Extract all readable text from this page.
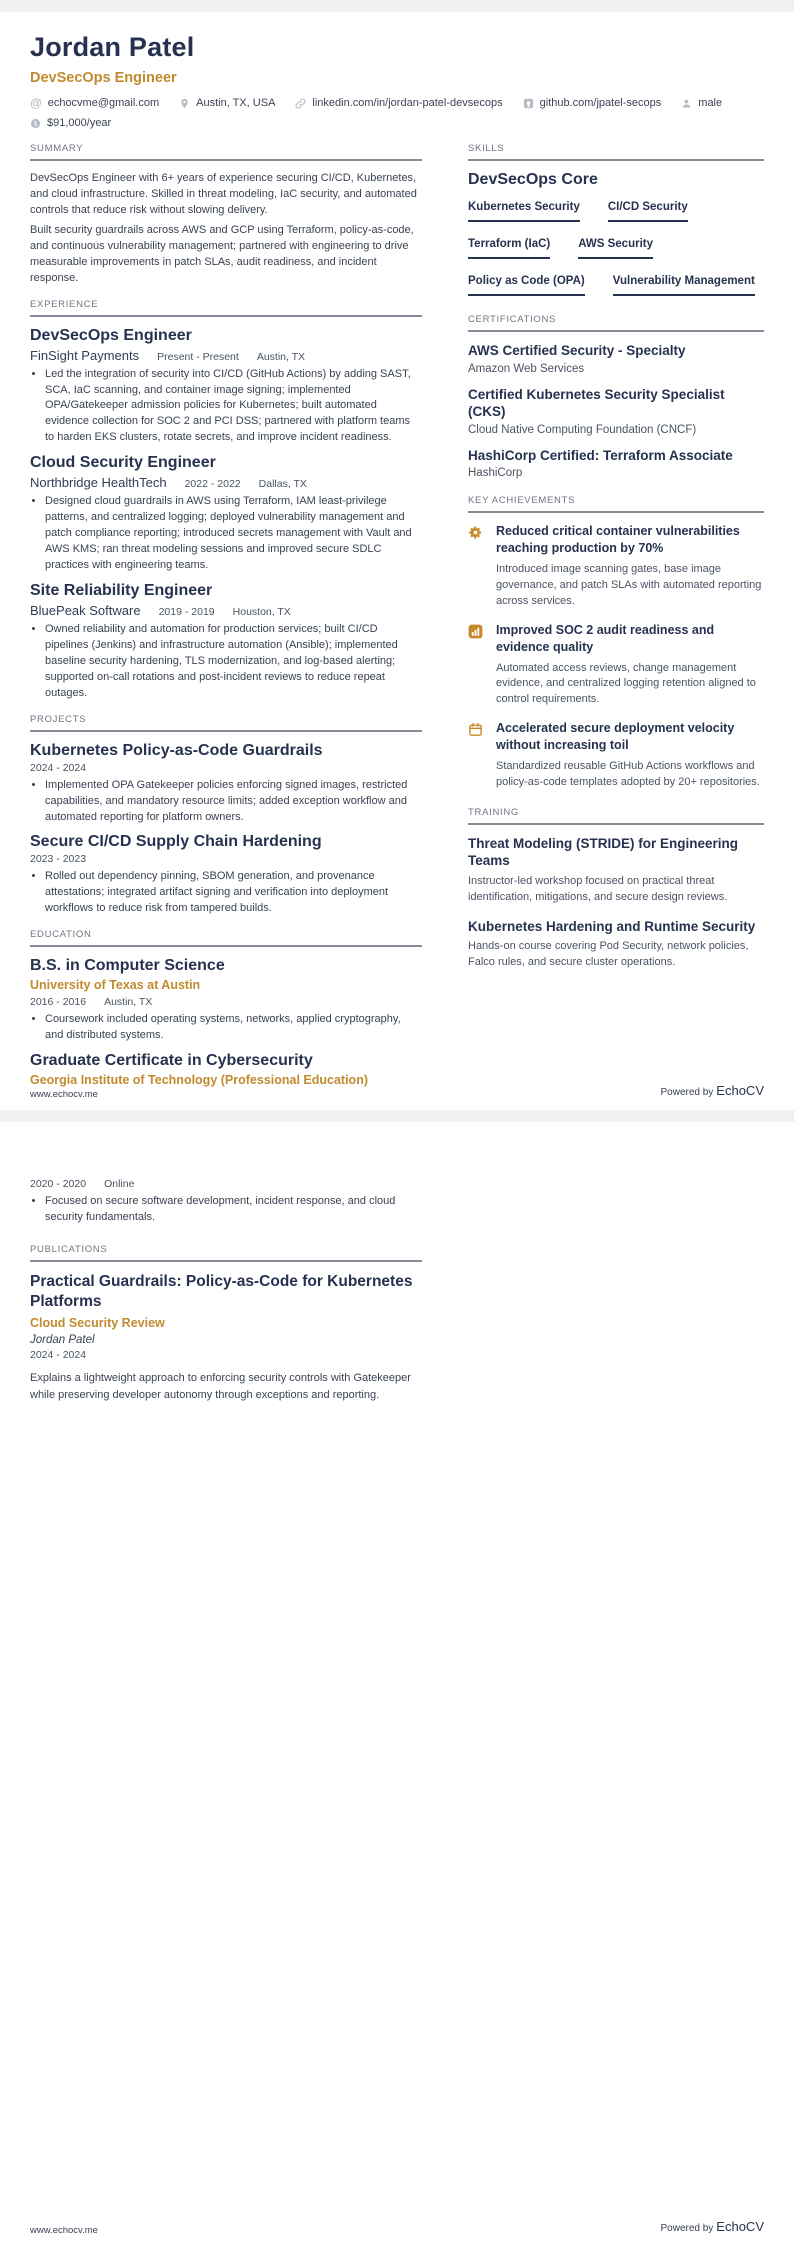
Jordan Patel
DevSecOps Engineer
@ echocvme@gmail.com	Austin, TX, USA	linkedin.com/in/jordan-patel-devsecops	github.com/jpatel-secops	male
$ $91,000/year
SUMMARY
DevSecOps Engineer with 6+ years of experience securing CI/CD, Kubernetes, and cloud infrastructure. Skilled in threat modeling, IaC security, and automated controls that reduce risk without slowing delivery.
Built security guardrails across AWS and GCP using Terraform, policy-as-code, and continuous vulnerability management; partnered with engineering to drive measurable improvements in patch SLAs, audit readiness, and incident response.
EXPERIENCE
DevSecOps Engineer
FinSight Payments Present - Present Austin, TX
• Led the integration of security into CI/CD (GitHub Actions) by adding SAST, SCA, IaC scanning, and container image signing; implemented OPA/Gatekeeper admission policies for Kubernetes; built automated evidence collection for SOC 2 and PCI DSS; partnered with platform teams to harden EKS clusters, rotate secrets, and improve incident readiness.
Cloud Security Engineer
Northbridge HealthTech 2022 - 2022 Dallas, TX
• Designed cloud guardrails in AWS using Terraform, IAM least-privilege patterns, and centralized logging; deployed vulnerability management and patch compliance reporting; introduced secrets management with Vault and AWS KMS; ran threat modeling sessions and improved secure SDLC practices with engineering teams.
Site Reliability Engineer
BluePeak Software 2019 - 2019 Houston, TX
• Owned reliability and automation for production services; built CI/CD pipelines (Jenkins) and infrastructure automation (Ansible); implemented baseline security hardening, TLS modernization, and log-based alerting; supported on-call rotations and post-incident reviews to reduce repeat outages.
PROJECTS
Kubernetes Policy-as-Code Guardrails
2024 - 2024
• Implemented OPA Gatekeeper policies enforcing signed images, restricted capabilities, and mandatory resource limits; added exception workflow and automated reporting for platform owners.
Secure CI/CD Supply Chain Hardening
2023 - 2023
• Rolled out dependency pinning, SBOM generation, and provenance attestations; integrated artifact signing and verification into deployment workflows to reduce risk from tampered builds.
EDUCATION
B.S. in Computer Science
University of Texas at Austin
2016 - 2016 Austin, TX
• Coursework included operating systems, networks, applied cryptography, and distributed systems.
Graduate Certificate in Cybersecurity
Georgia Institute of Technology (Professional Education)
SKILLS
DevSecOps Core
Kubernetes Security CI/CD Security
Terraform (IaC) AWS Security
Policy as Code (OPA) Vulnerability Management
CERTIFICATIONS
AWS Certified Security - Specialty
Amazon Web Services
Certified Kubernetes Security Specialist (CKS)
Cloud Native Computing Foundation (CNCF)
HashiCorp Certified: Terraform Associate
HashiCorp
KEY ACHIEVEMENTS
Reduced critical container vulnerabilities reaching production by 70%
Introduced image scanning gates, base image governance, and patch SLAs with automated reporting across services.
Improved SOC 2 audit readiness and evidence quality
Automated access reviews, change management evidence, and centralized logging retention aligned to control requirements.
Accelerated secure deployment velocity without increasing toil
Standardized reusable GitHub Actions workflows and policy-as-code templates adopted by 20+ repositories.
TRAINING
Threat Modeling (STRIDE) for Engineering Teams
Instructor-led workshop focused on practical threat identification, mitigations, and secure design reviews.
Kubernetes Hardening and Runtime Security
Hands-on course covering Pod Security, network policies, Falco rules, and secure cluster operations.
www.echocv.me	Powered by EchoCV
2020 - 2020 Online
• Focused on secure software development, incident response, and cloud security fundamentals.
PUBLICATIONS
Practical Guardrails: Policy-as-Code for Kubernetes Platforms
Cloud Security Review
Jordan Patel
2024 - 2024
Explains a lightweight approach to enforcing security controls with Gatekeeper while preserving developer autonomy through exceptions and reporting.
www.echocv.me	Powered by EchoCV
